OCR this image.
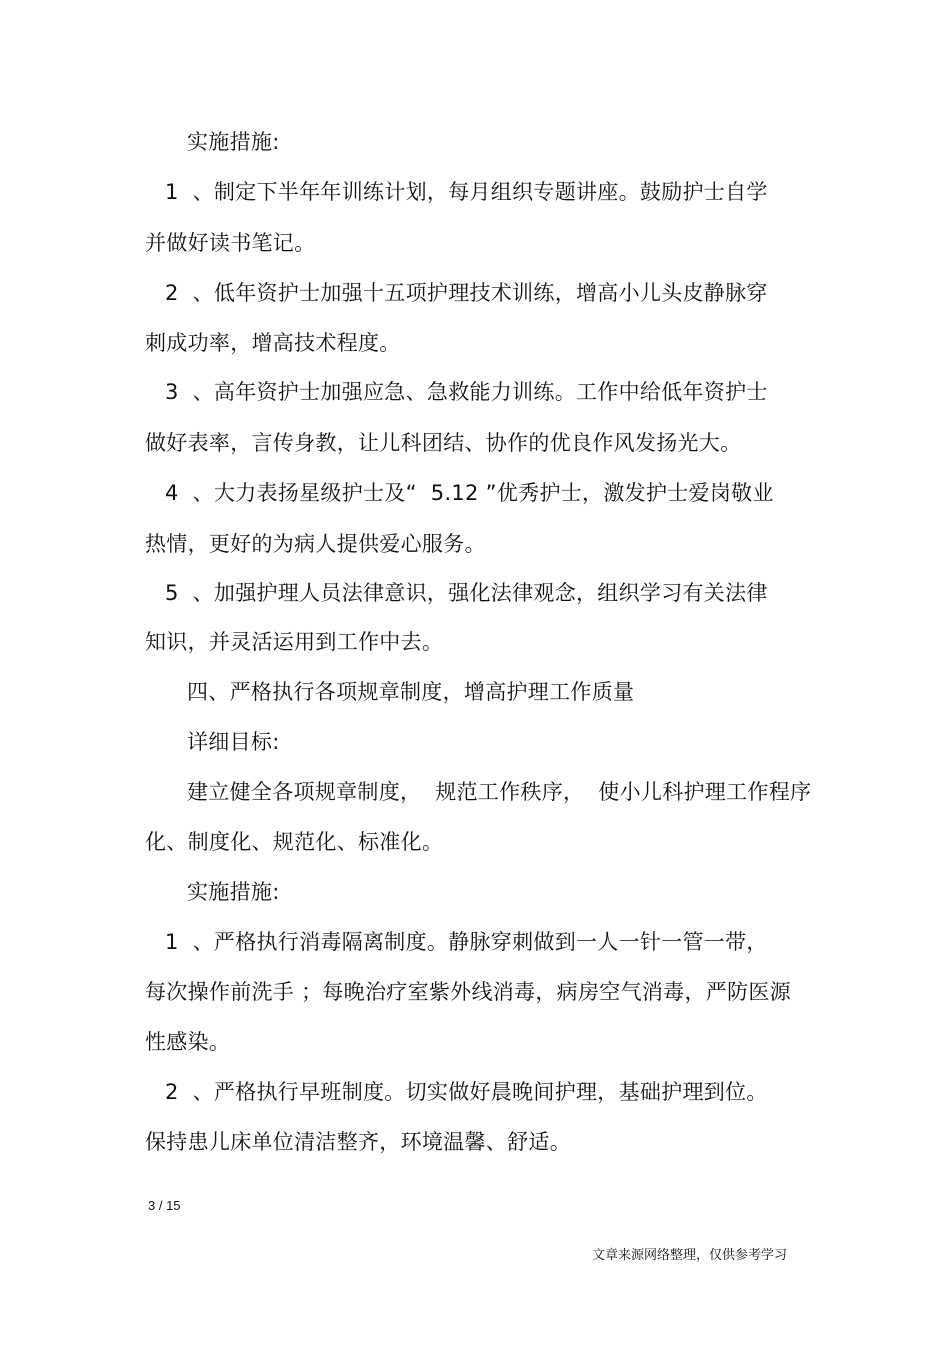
实施措施:
1  、制定下半年年训练计划，每月组织专题讲座。鼓励护士自学
并做好读书笔记。
2  、低年资护士加强十五项护理技术训练，增高小儿头皮静脉穿
刺成功率，增高技术程度。
3  、高年资护士加强应急、急救能力训练。工作中给低年资护士
做好表率，言传身教，让儿科团结、协作的优良作风发扬光大。
4  、大力表扬星级护士及“  5.12 ”优秀护士，激发护士爱岗敬业
热情，更好的为病人提供爱心服务。
5  、加强护理人员法律意识，强化法律观念，组织学习有关法律
知识，并灵活运用到工作中去。
四、严格执行各项规章制度，增高护理工作质量
详细目标:
建立健全各项规章制度，  规范工作秩序，  使小儿科护理工作程序
化、制度化、规范化、标准化。
实施措施:
1  、严格执行消毒隔离制度。静脉穿刺做到一人一针一管一带，
每次操作前洗手 ；每晚治疗室紫外线消毒，病房空气消毒，严防医源
性感染。
2  、严格执行早班制度。切实做好晨晚间护理，基础护理到位。
保持患儿床单位清洁整齐，环境温馨、舒适。
3 / 15
文章来源网络整理，仅供参考学习
